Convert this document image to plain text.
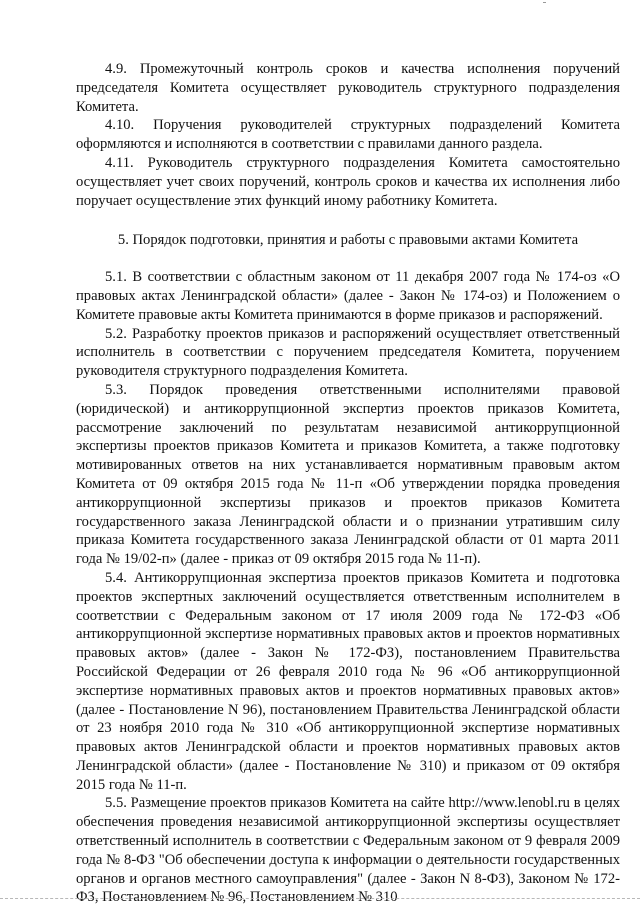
4.9. Промежуточный контроль сроков и качества исполнения поручений председателя Комитета осуществляет руководитель структурного подразделения Комитета.

4.10. Поручения руководителей структурных подразделений Комитета оформляются и исполняются в соответствии с правилами данного раздела.

4.11. Руководитель структурного подразделения Комитета самостоятельно осуществляет учет своих поручений, контроль сроков и качества их исполнения либо поручает осуществление этих функций иному работнику Комитета.

5. Порядок подготовки, принятия и работы с правовыми актами Комитета

5.1. В соответствии с областным законом от 11 декабря 2007 года № 174-оз «О правовых актах Ленинградской области» (далее - Закон № 174-оз) и Положением о Комитете правовые акты Комитета принимаются в форме приказов и распоряжений.

5.2. Разработку проектов приказов и распоряжений осуществляет ответственный исполнитель в соответствии с поручением председателя Комитета, поручением руководителя структурного подразделения Комитета.

5.3. Порядок проведения ответственными исполнителями правовой (юридической) и антикоррупционной экспертиз проектов приказов Комитета, рассмотрение заключений по результатам независимой антикоррупционной экспертизы проектов приказов Комитета и приказов Комитета, а также подготовку мотивированных ответов на них устанавливается нормативным правовым актом Комитета от 09 октября 2015 года № 11-п «Об утверждении порядка проведения антикоррупционной экспертизы приказов и проектов приказов Комитета государственного заказа Ленинградской области и о признании утратившим силу приказа Комитета государственного заказа Ленинградской области от 01 марта 2011 года № 19/02-п» (далее - приказ от 09 октября 2015 года № 11-п).

5.4. Антикоррупционная экспертиза проектов приказов Комитета и подготовка проектов экспертных заключений осуществляется ответственным исполнителем в соответствии с Федеральным законом от 17 июля 2009 года № 172-ФЗ «Об антикоррупционной экспертизе нормативных правовых актов и проектов нормативных правовых актов» (далее - Закон № 172-ФЗ), постановлением Правительства Российской Федерации от 26 февраля 2010 года № 96 «Об антикоррупционной экспертизе нормативных правовых актов и проектов нормативных правовых актов» (далее - Постановление N 96), постановлением Правительства Ленинградской области от 23 ноября 2010 года № 310 «Об антикоррупционной экспертизе нормативных правовых актов Ленинградской области и проектов нормативных правовых актов Ленинградской области» (далее - Постановление № 310) и приказом от 09 октября 2015 года № 11-п.

5.5. Размещение проектов приказов Комитета на сайте http://www.lenobl.ru в целях обеспечения проведения независимой антикоррупционной экспертизы осуществляет ответственный исполнитель в соответствии с Федеральным законом от 9 февраля 2009 года № 8-ФЗ "Об обеспечении доступа к информации о деятельности государственных органов и органов местного самоуправления" (далее - Закон N 8-ФЗ), Законом № 172-ФЗ, Постановлением № 96, Постановлением № 310
